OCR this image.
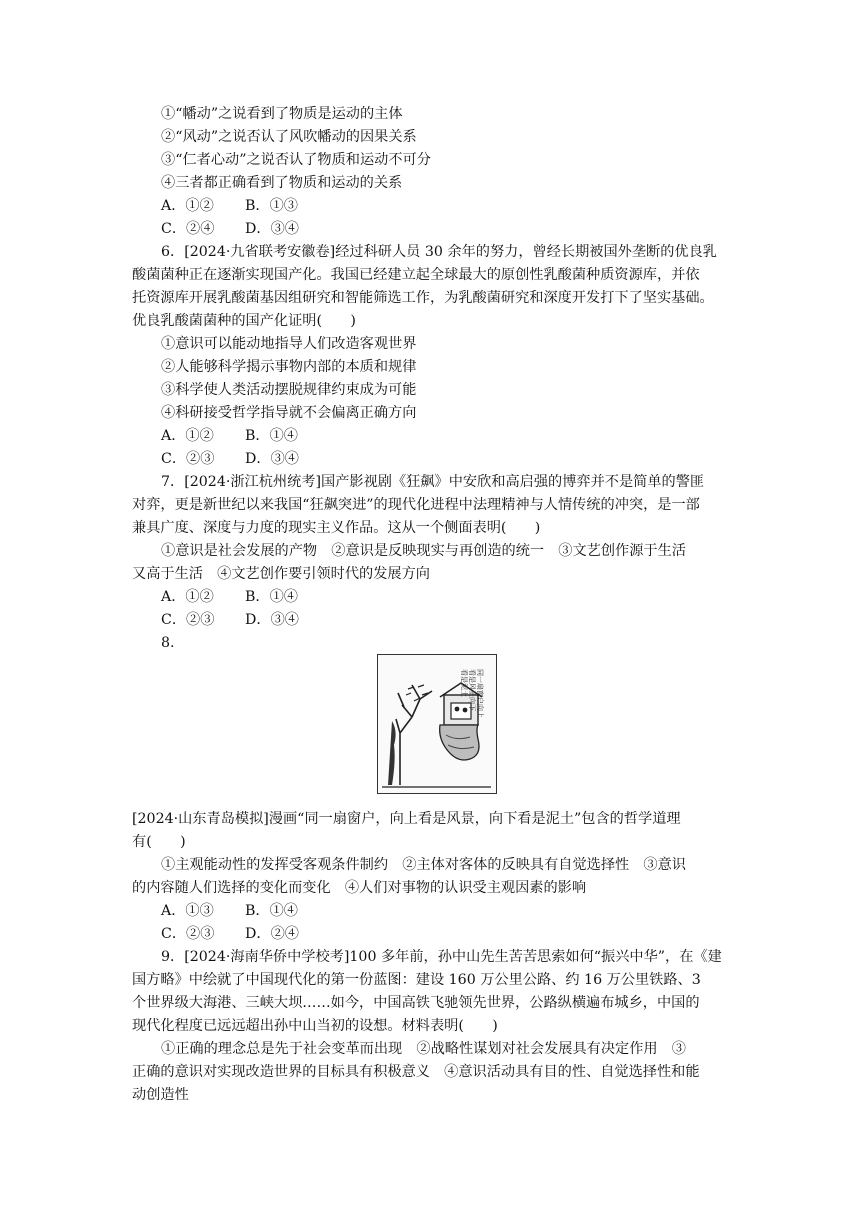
①“幡动”之说看到了物质是运动的主体
②“风动”之说否认了风吹幡动的因果关系
③“仁者心动”之说否认了物质和运动不可分
④三者都正确看到了物质和运动的关系
A．①② B．①③
C．②④ D．③④
6．[2024·九省联考安徽卷]经过科研人员 30 余年的努力，曾经长期被国外垄断的优良乳
酸菌菌种正在逐渐实现国产化。我国已经建立起全球最大的原创性乳酸菌种质资源库，并依
托资源库开展乳酸菌基因组研究和智能筛选工作，为乳酸菌研究和深度开发打下了坚实基础。
优良乳酸菌菌种的国产化证明(　　)
①意识可以能动地指导人们改造客观世界
②人能够科学揭示事物内部的本质和规律
③科学使人类活动摆脱规律约束成为可能
④科研接受哲学指导就不会偏离正确方向
A．①② B．①④
C．②③ D．③④
7．[2024·浙江杭州统考]国产影视剧《狂飙》中安欣和高启强的博弈并不是简单的警匪
对弈，更是新世纪以来我国“狂飙突进”的现代化进程中法理精神与人情传统的冲突，是一部
兼具广度、深度与力度的现实主义作品。这从一个侧面表明(　　)
①意识是社会发展的产物　②意识是反映现实与再创造的统一　③文艺创作源于生活
又高于生活　④文艺创作要引领时代的发展方向
A．①② B．①④
C．②③ D．③④
8.
同一扇窗户向上
看是风景向下
看是泥土
[2024·山东青岛模拟]漫画“同一扇窗户，向上看是风景，向下看是泥土”包含的哲学道理
有(　　)
①主观能动性的发挥受客观条件制约　②主体对客体的反映具有自觉选择性　③意识
的内容随人们选择的变化而变化　④人们对事物的认识受主观因素的影响
A．①③ B．①④
C．②③ D．②④
9．[2024·海南华侨中学校考]100 多年前，孙中山先生苦苦思索如何“振兴中华”，在《建
国方略》中绘就了中国现代化的第一份蓝图：建设 160 万公里公路、约 16 万公里铁路、3
个世界级大海港、三峡大坝……如今，中国高铁飞驰领先世界，公路纵横遍布城乡，中国的
现代化程度已远远超出孙中山当初的设想。材料表明(　　)
①正确的理念总是先于社会变革而出现　②战略性谋划对社会发展具有决定作用　③
正确的意识对实现改造世界的目标具有积极意义　④意识活动具有目的性、自觉选择性和能
动创造性
